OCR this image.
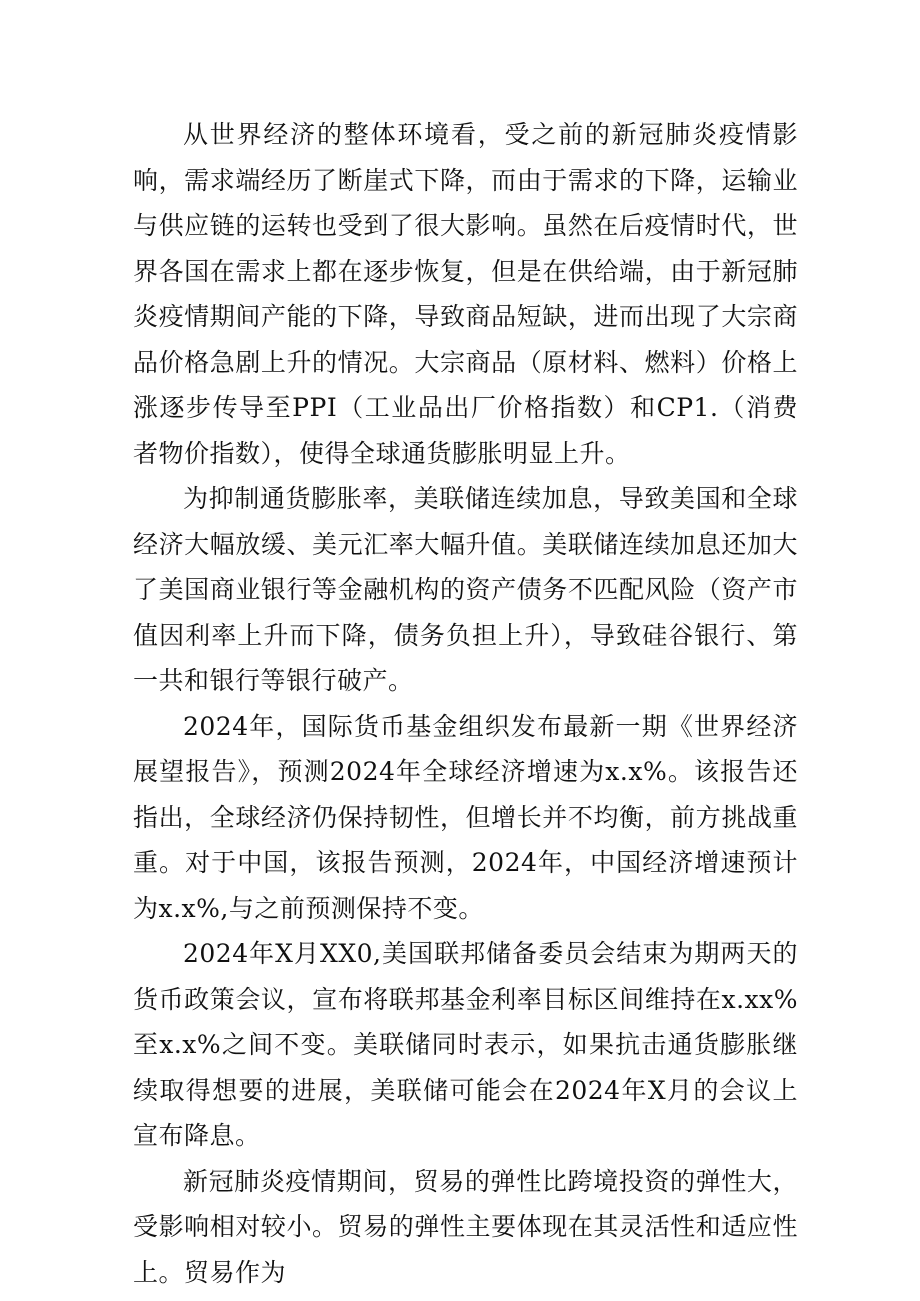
从世界经济的整体环境看，受之前的新冠肺炎疫情影响，需求端经历了断崖式下降，而由于需求的下降，运输业与供应链的运转也受到了很大影响。虽然在后疫情时代，世界各国在需求上都在逐步恢复，但是在供给端，由于新冠肺炎疫情期间产能的下降，导致商品短缺，进而出现了大宗商品价格急剧上升的情况。大宗商品（原材料、燃料）价格上涨逐步传导至PPI（工业品出厂价格指数）和CP1.（消费者物价指数），使得全球通货膨胀明显上升。

为抑制通货膨胀率，美联储连续加息，导致美国和全球经济大幅放缓、美元汇率大幅升值。美联储连续加息还加大了美国商业银行等金融机构的资产债务不匹配风险（资产市值因利率上升而下降，债务负担上升），导致硅谷银行、第一共和银行等银行破产。

2024年，国际货币基金组织发布最新一期《世界经济展望报告》，预测2024年全球经济增速为x.x%。该报告还指出，全球经济仍保持韧性，但增长并不均衡，前方挑战重重。对于中国，该报告预测，2024年，中国经济增速预计为x.x%,与之前预测保持不变。

2024年X月XX0,美国联邦储备委员会结束为期两天的货币政策会议，宣布将联邦基金利率目标区间维持在x.xx%至x.x%之间不变。美联储同时表示，如果抗击通货膨胀继续取得想要的进展，美联储可能会在2024年X月的会议上宣布降息。

新冠肺炎疫情期间，贸易的弹性比跨境投资的弹性大，受影响相对较小。贸易的弹性主要体现在其灵活性和适应性上。贸易作为
